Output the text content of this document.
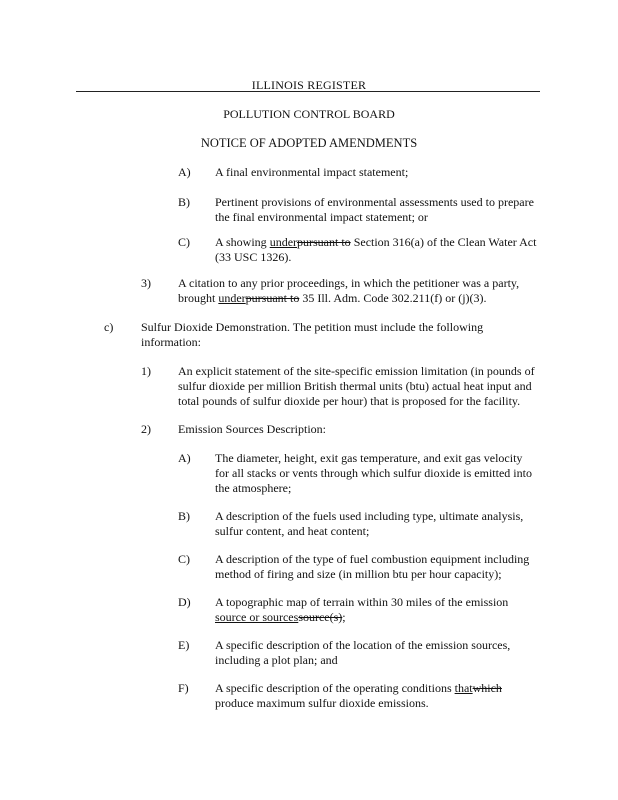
ILLINOIS REGISTER
POLLUTION CONTROL BOARD
NOTICE OF ADOPTED AMENDMENTS
A) A final environmental impact statement;
B) Pertinent provisions of environmental assessments used to prepare
the final environmental impact statement; or
C) A showing underpursuant to Section 316(a) of the Clean Water Act
(33 USC 1326).
3) A citation to any prior proceedings, in which the petitioner was a party,
brought underpursuant to 35 Ill. Adm. Code 302.211(f) or (j)(3).
c) Sulfur Dioxide Demonstration. The petition must include the following
information:
1) An explicit statement of the site-specific emission limitation (in pounds of
sulfur dioxide per million British thermal units (btu) actual heat input and
total pounds of sulfur dioxide per hour) that is proposed for the facility.
2) Emission Sources Description:
A) The diameter, height, exit gas temperature, and exit gas velocity
for all stacks or vents through which sulfur dioxide is emitted into
the atmosphere;
B) A description of the fuels used including type, ultimate analysis,
sulfur content, and heat content;
C) A description of the type of fuel combustion equipment including
method of firing and size (in million btu per hour capacity);
D) A topographic map of terrain within 30 miles of the emission
source or sourcessource(s);
E) A specific description of the location of the emission sources,
including a plot plan; and
F) A specific description of the operating conditions thatwhich
produce maximum sulfur dioxide emissions.
